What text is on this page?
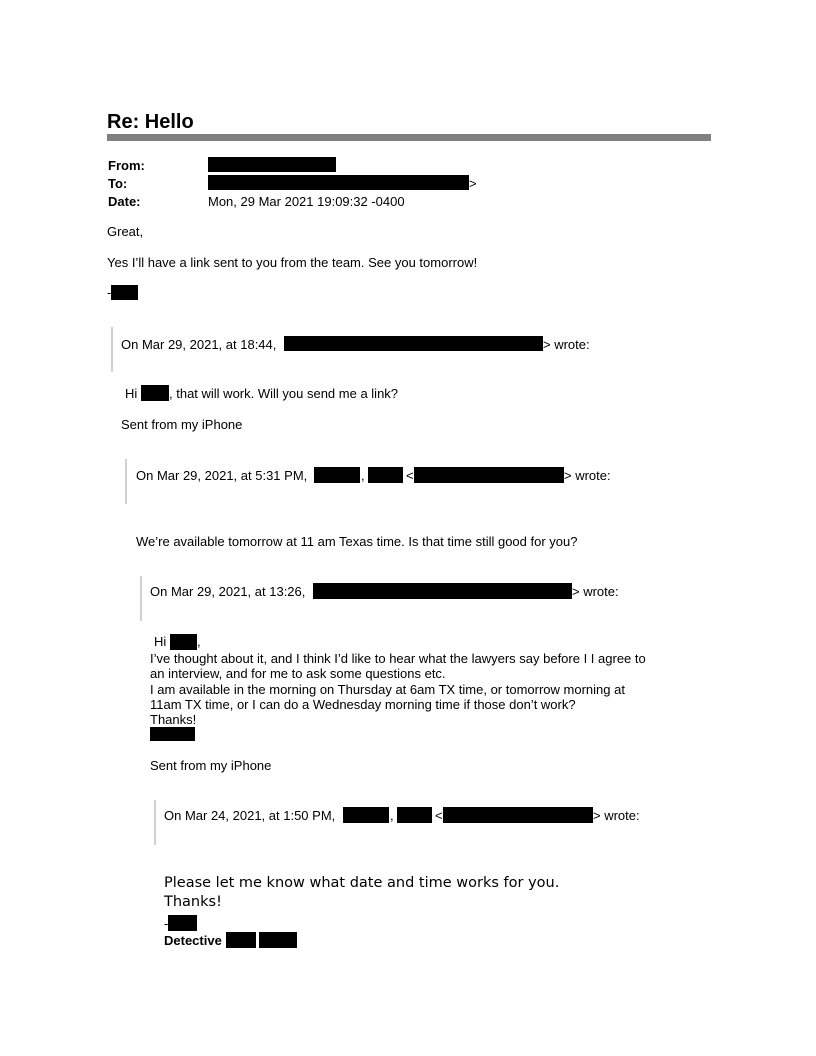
Re: Hello
From:
To:	>
Date:	Mon, 29 Mar 2021 19:09:32 -0400
Great,
Yes I’ll have a link sent to you from the team. See you tomorrow!
-
On Mar 29, 2021, at 18:44,	> wrote:
Hi , that will work. Will you send me a link?
Sent from my iPhone
On Mar 29, 2021, at 5:31 PM,	,	<	> wrote:
We’re available tomorrow at 11 am Texas time. Is that time still good for you?
On Mar 29, 2021, at 13:26,	> wrote:
Hi ,
I’ve thought about it, and I think I’d like to hear what the lawyers say before I I agree to
an interview, and for me to ask some questions etc.
I am available in the morning on Thursday at 6am TX time, or tomorrow morning at
11am TX time, or I can do a Wednesday morning time if those don’t work?
Thanks!
Sent from my iPhone
On Mar 24, 2021, at 1:50 PM,	,	<	> wrote:
Please let me know what date and time works for you.
Thanks!
-
Detective
